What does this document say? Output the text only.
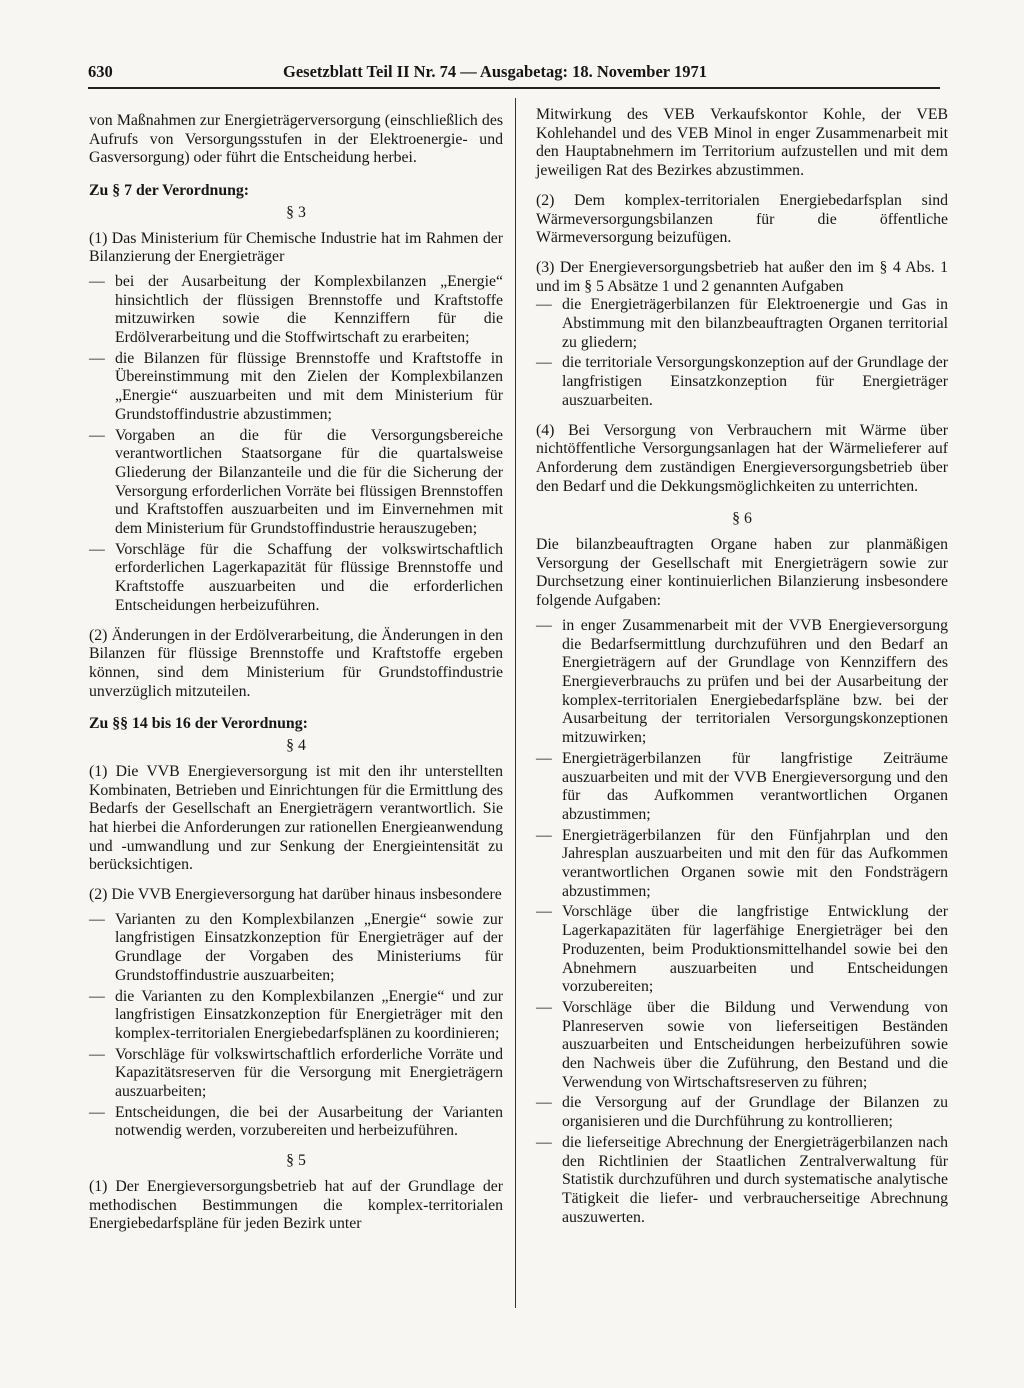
630	Gesetzblatt Teil II Nr. 74 — Ausgabetag: 18. November 1971

von Maßnahmen zur Energieträgerversorgung (einschließlich des Aufrufs von Versorgungsstufen in der Elektroenergie- und Gasversorgung) oder führt die Entscheidung herbei.

Zu § 7 der Verordnung:
§ 3

(1) Das Ministerium für Chemische Industrie hat im Rahmen der Bilanzierung der Energieträger

— bei der Ausarbeitung der Komplexbilanzen „Energie“ hinsichtlich der flüssigen Brennstoffe und Kraftstoffe mitzuwirken sowie die Kennziffern für die Erdölverarbeitung und die Stoffwirtschaft zu erarbeiten;
— die Bilanzen für flüssige Brennstoffe und Kraftstoffe in Übereinstimmung mit den Zielen der Komplexbilanzen „Energie“ auszuarbeiten und mit dem Ministerium für Grundstoffindustrie abzustimmen;
— Vorgaben an die für die Versorgungsbereiche verantwortlichen Staatsorgane für die quartalsweise Gliederung der Bilanzanteile und die für die Sicherung der Versorgung erforderlichen Vorräte bei flüssigen Brennstoffen und Kraftstoffen auszuarbeiten und im Einvernehmen mit dem Ministerium für Grundstoffindustrie herauszugeben;
— Vorschläge für die Schaffung der volkswirtschaftlich erforderlichen Lagerkapazität für flüssige Brennstoffe und Kraftstoffe auszuarbeiten und die erforderlichen Entscheidungen herbeizuführen.

(2) Änderungen in der Erdölverarbeitung, die Änderungen in den Bilanzen für flüssige Brennstoffe und Kraftstoffe ergeben können, sind dem Ministerium für Grundstoffindustrie unverzüglich mitzuteilen.

Zu §§ 14 bis 16 der Verordnung:
§ 4

(1) Die VVB Energieversorgung ist mit den ihr unterstellten Kombinaten, Betrieben und Einrichtungen für die Ermittlung des Bedarfs der Gesellschaft an Energieträgern verantwortlich. Sie hat hierbei die Anforderungen zur rationellen Energieanwendung und -umwandlung und zur Senkung der Energieintensität zu berücksichtigen.

(2) Die VVB Energieversorgung hat darüber hinaus insbesondere

— Varianten zu den Komplexbilanzen „Energie“ sowie zur langfristigen Einsatzkonzeption für Energieträger auf der Grundlage der Vorgaben des Ministeriums für Grundstoffindustrie auszuarbeiten;
— die Varianten zu den Komplexbilanzen „Energie“ und zur langfristigen Einsatzkonzeption für Energieträger mit den komplex-territorialen Energiebedarfsplänen zu koordinieren;
— Vorschläge für volkswirtschaftlich erforderliche Vorräte und Kapazitätsreserven für die Versorgung mit Energieträgern auszuarbeiten;
— Entscheidungen, die bei der Ausarbeitung der Varianten notwendig werden, vorzubereiten und herbeizuführen.
§ 5

(1) Der Energieversorgungsbetrieb hat auf der Grundlage der methodischen Bestimmungen die komplex-territorialen Energiebedarfspläne für jeden Bezirk unter

Mitwirkung des VEB Verkaufskontor Kohle, der VEB Kohlehandel und des VEB Minol in enger Zusammenarbeit mit den Hauptabnehmern im Territorium aufzustellen und mit dem jeweiligen Rat des Bezirkes abzustimmen.

(2) Dem komplex-territorialen Energiebedarfsplan sind Wärmeversorgungsbilanzen für die öffentliche Wärmeversorgung beizufügen.

(3) Der Energieversorgungsbetrieb hat außer den im § 4 Abs. 1 und im § 5 Absätze 1 und 2 genannten Aufgaben

— die Energieträgerbilanzen für Elektroenergie und Gas in Abstimmung mit den bilanzbeauftragten Organen territorial zu gliedern;
— die territoriale Versorgungskonzeption auf der Grundlage der langfristigen Einsatzkonzeption für Energieträger auszuarbeiten.

(4) Bei Versorgung von Verbrauchern mit Wärme über nichtöffentliche Versorgungsanlagen hat der Wärmelieferer auf Anforderung dem zuständigen Energieversorgungsbetrieb über den Bedarf und die Dekkungsmöglichkeiten zu unterrichten.

§ 6

Die bilanzbeauftragten Organe haben zur planmäßigen Versorgung der Gesellschaft mit Energieträgern sowie zur Durchsetzung einer kontinuierlichen Bilanzierung insbesondere folgende Aufgaben:

— in enger Zusammenarbeit mit der VVB Energieversorgung die Bedarfsermittlung durchzuführen und den Bedarf an Energieträgern auf der Grundlage von Kennziffern des Energieverbrauchs zu prüfen und bei der Ausarbeitung der komplex-territorialen Energiebedarfspläne bzw. bei der Ausarbeitung der territorialen Versorgungskonzeptionen mitzuwirken;
— Energieträgerbilanzen für langfristige Zeiträume auszuarbeiten und mit der VVB Energieversorgung und den für das Aufkommen verantwortlichen Organen abzustimmen;
— Energieträgerbilanzen für den Fünfjahrplan und den Jahresplan auszuarbeiten und mit den für das Aufkommen verantwortlichen Organen sowie mit den Fondsträgern abzustimmen;
— Vorschläge über die langfristige Entwicklung der Lagerkapazitäten für lagerfähige Energieträger bei den Produzenten, beim Produktionsmittelhandel sowie bei den Abnehmern auszuarbeiten und Entscheidungen vorzubereiten;
— Vorschläge über die Bildung und Verwendung von Planreserven sowie von lieferseitigen Beständen auszuarbeiten und Entscheidungen herbeizuführen sowie den Nachweis über die Zuführung, den Bestand und die Verwendung von Wirtschaftsreserven zu führen;
— die Versorgung auf der Grundlage der Bilanzen zu organisieren und die Durchführung zu kontrollieren;
— die lieferseitige Abrechnung der Energieträgerbilanzen nach den Richtlinien der Staatlichen Zentralverwaltung für Statistik durchzuführen und durch systematische analytische Tätigkeit die liefer- und verbraucherseitige Abrechnung auszuwerten.
